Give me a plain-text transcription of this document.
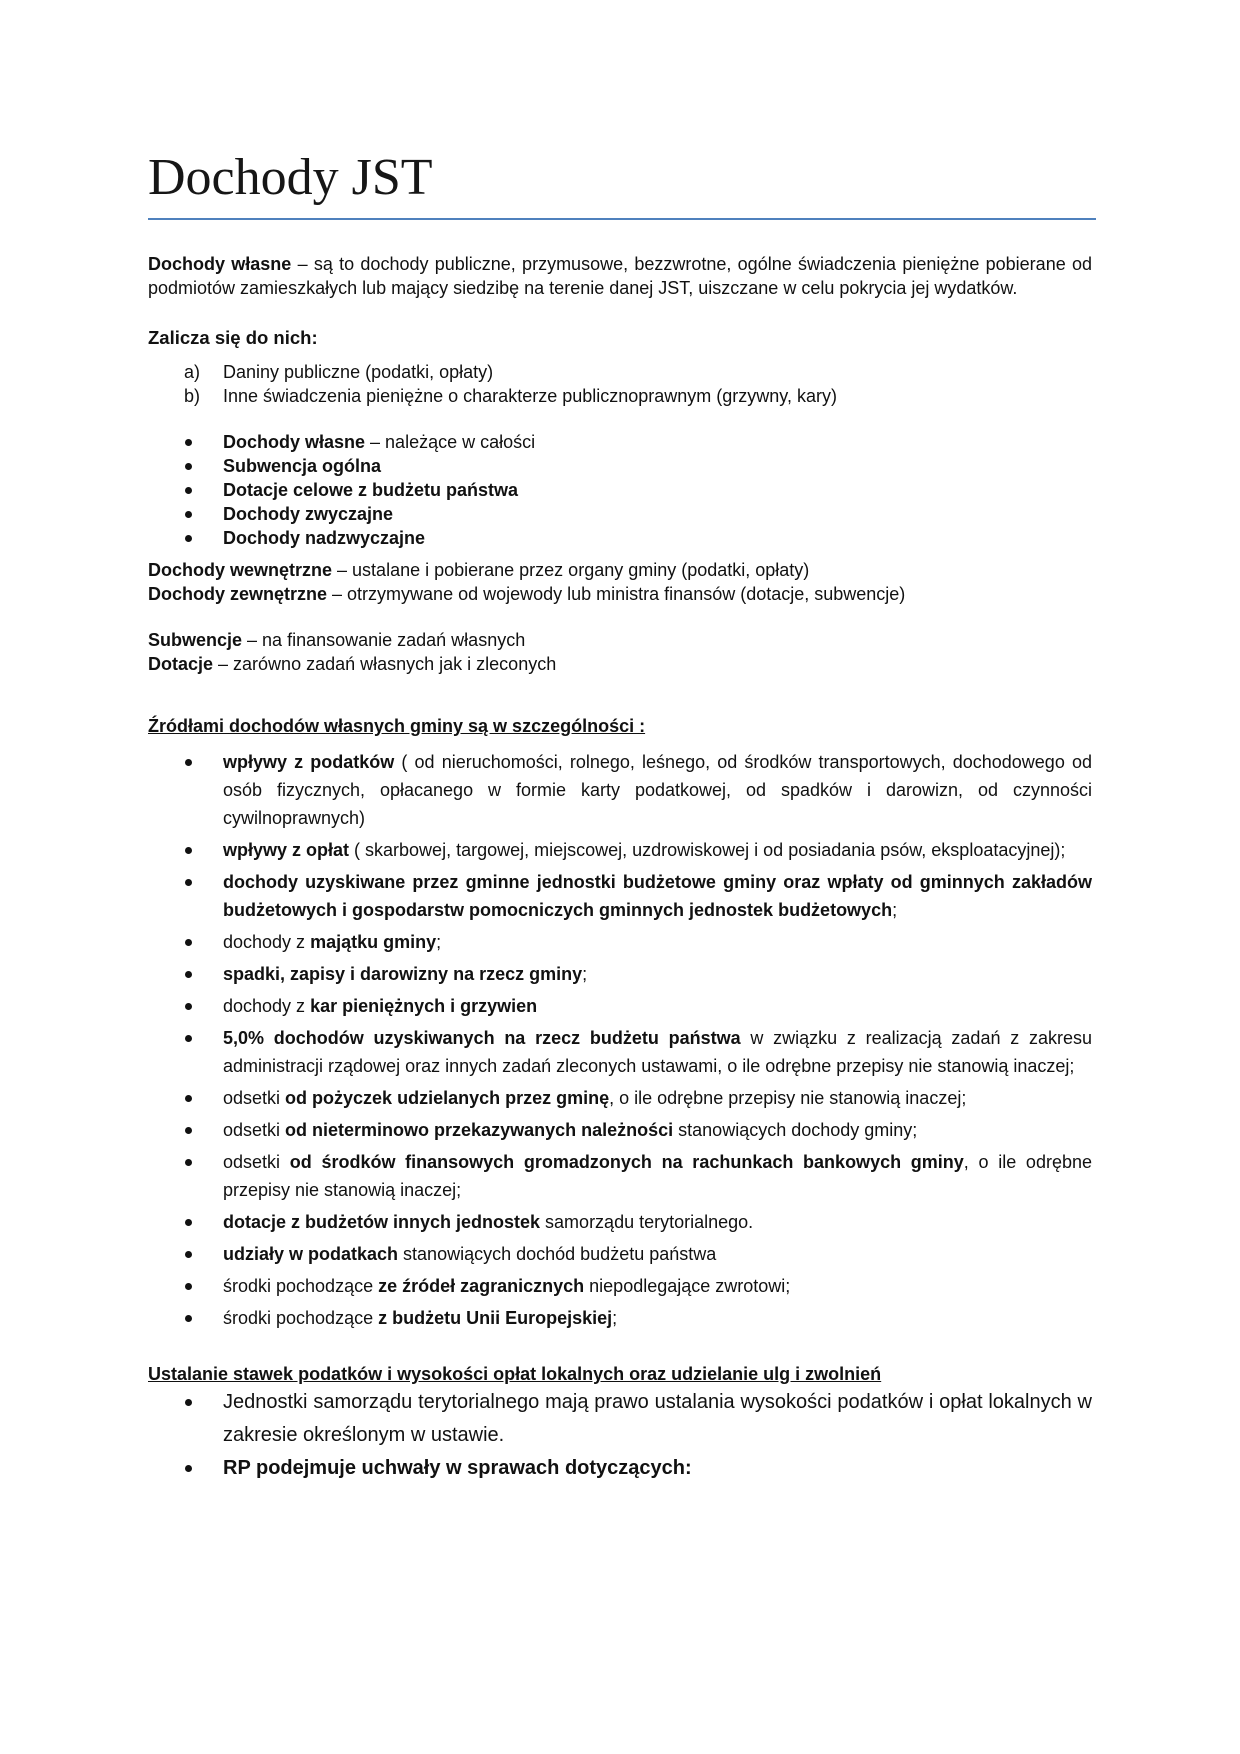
Dochody JST

Dochody własne – są to dochody publiczne, przymusowe, bezzwrotne, ogólne świadczenia pieniężne pobierane od podmiotów zamieszkałych lub mający siedzibę na terenie danej JST, uiszczane w celu pokrycia jej wydatków.

Zalicza się do nich:

a) Daniny publiczne (podatki, opłaty)
b) Inne świadczenia pieniężne o charakterze publicznoprawnym (grzywny, kary)
Dochody własne – należące w całości
Subwencja ogólna
Dotacje celowe z budżetu państwa
Dochody zwyczajne
Dochody nadzwyczajne

Dochody wewnętrzne – ustalane i pobierane przez organy gminy (podatki, opłaty)

Dochody zewnętrzne – otrzymywane od wojewody lub ministra finansów (dotacje, subwencje)

Subwencje – na finansowanie zadań własnych

Dotacje – zarówno zadań własnych jak i zleconych

Źródłami dochodów własnych gminy są w szczególności :

wpływy z podatków ( od nieruchomości, rolnego, leśnego, od środków transportowych, dochodowego od osób fizycznych, opłacanego w formie karty podatkowej, od spadków i darowizn, od czynności cywilnoprawnych)
wpływy z opłat ( skarbowej, targowej, miejscowej, uzdrowiskowej i od posiadania psów, eksploatacyjnej);
dochody uzyskiwane przez gminne jednostki budżetowe gminy oraz wpłaty od gminnych zakładów budżetowych i gospodarstw pomocniczych gminnych jednostek budżetowych;
dochody z majątku gminy;
spadki, zapisy i darowizny na rzecz gminy;
dochody z kar pieniężnych i grzywien
5,0% dochodów uzyskiwanych na rzecz budżetu państwa w związku z realizacją zadań z zakresu administracji rządowej oraz innych zadań zleconych ustawami, o ile odrębne przepisy nie stanowią inaczej;
odsetki od pożyczek udzielanych przez gminę, o ile odrębne przepisy nie stanowią inaczej;
odsetki od nieterminowo przekazywanych należności stanowiących dochody gminy;
odsetki od środków finansowych gromadzonych na rachunkach bankowych gminy, o ile odrębne przepisy nie stanowią inaczej;
dotacje z budżetów innych jednostek samorządu terytorialnego.
udziały w podatkach stanowiących dochód budżetu państwa
środki pochodzące ze źródeł zagranicznych niepodlegające zwrotowi;
środki pochodzące z budżetu Unii Europejskiej;

Ustalanie stawek podatków i wysokości opłat lokalnych oraz udzielanie ulg i zwolnień

Jednostki samorządu terytorialnego mają prawo ustalania wysokości podatków i opłat lokalnych w zakresie określonym w ustawie.
RP podejmuje uchwały w sprawach dotyczących:
